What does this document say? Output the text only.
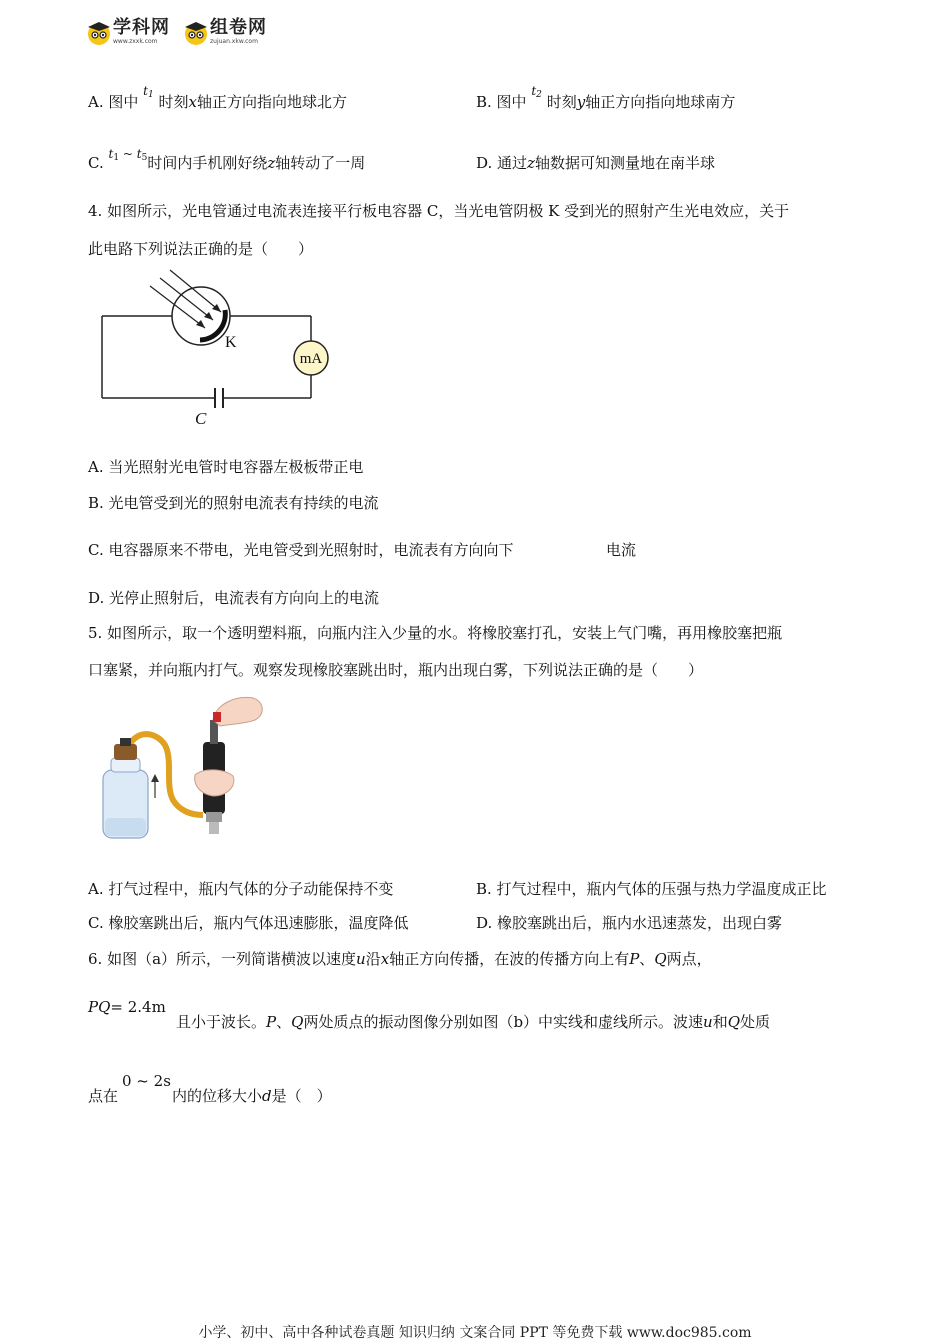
学科网
www.zxxk.com
组卷网
zujuan.xkw.com
A. 图中 $t_1$ 时刻x轴正方向指向地球北方	B. 图中 $t_2$ 时刻y轴正方向指向地球南方
C. $t_1$ ~ $t_5$时间内手机刚好绕z轴转动了一周	D. 通过z轴数据可知测量地在南半球
4. 如图所示，光电管通过电流表连接平行板电容器 C，当光电管阴极 K 受到光的照射产生光电效应，关于
此电路下列说法正确的是（　　）
mA
K
C
A. 当光照射光电管时电容器左极板带正电
B. 光电管受到光的照射电流表有持续的电流
C. 电容器原来不带电，光电管受到光照射时，电流表有方向向下	电流
D. 光停止照射后，电流表有方向向上的电流
5. 如图所示，取一个透明塑料瓶，向瓶内注入少量的水。将橡胶塞打孔，安装上气门嘴，再用橡胶塞把瓶
口塞紧，并向瓶内打气。观察发现橡胶塞跳出时，瓶内出现白雾，下列说法正确的是（　　）
A. 打气过程中，瓶内气体的分子动能保持不变	B. 打气过程中，瓶内气体的压强与热力学温度成正比
C. 橡胶塞跳出后，瓶内气体迅速膨胀，温度降低	D. 橡胶塞跳出后，瓶内水迅速蒸发，出现白雾
6. 如图（a）所示，一列简谐横波以速度u沿x轴正方向传播，在波的传播方向上有P、Q两点，
PQ= 2.4m
且小于波长。P、Q两处质点的振动图像分别如图（b）中实线和虚线所示。波速u和Q处质
点在
0 ~ 2s
内的位移大小d是（　）
小学、初中、高中各种试卷真题 知识归纳 文案合同 PPT 等免费下载 www.doc985.com
